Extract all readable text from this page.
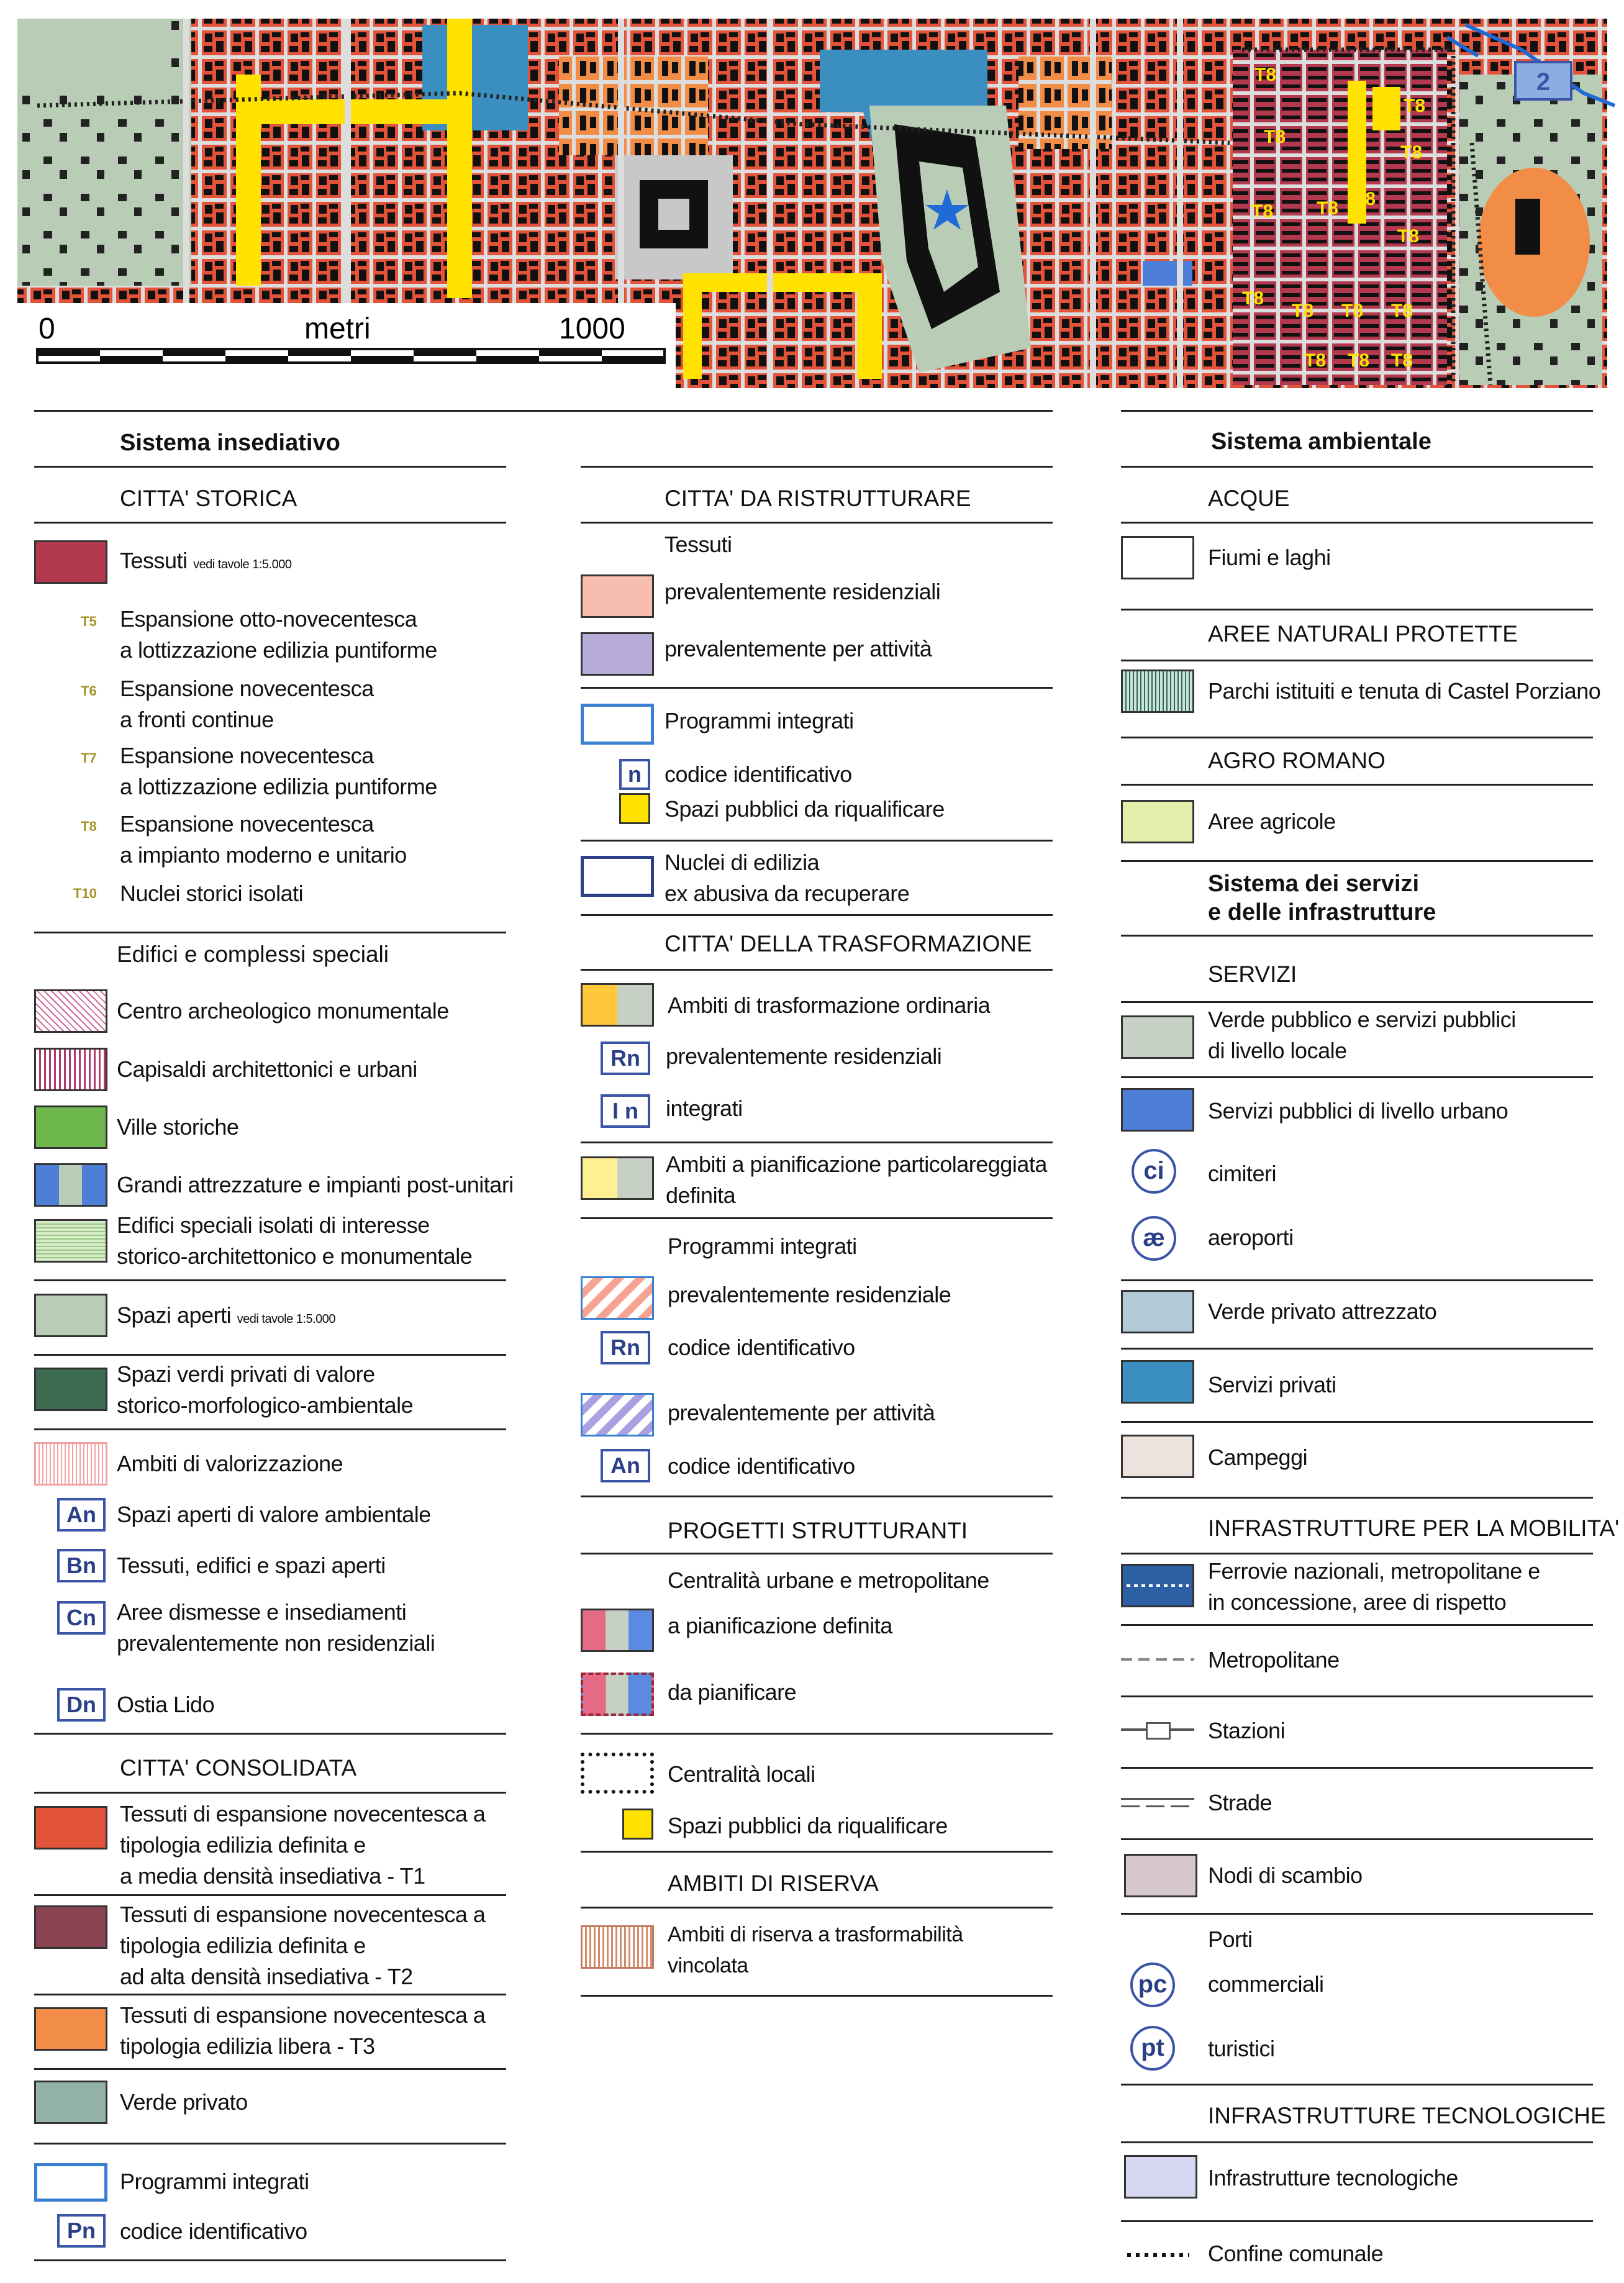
2
T8
T8
T8
T8
T8 T8 T8
T8
T8
T8 T8 T8
T8 T8 T8
0	metri	1000
Sistema insediativo
CITTA' STORICA
Tessuti vedi tavole 1:5.000
T5 Espansione otto-novecentesca
a lottizzazione edilizia puntiforme
T6 Espansione novecentesca
a fronti continue
T7 Espansione novecentesca
a lottizzazione edilizia puntiforme
T8 Espansione novecentesca
a impianto moderno e unitario
T10 Nuclei storici isolati
Edifici e complessi speciali
Centro archeologico monumentale
Capisaldi architettonici e urbani
Ville storiche
Grandi attrezzature e impianti post-unitari
Edifici speciali isolati di interesse
storico-architettonico e monumentale
Spazi aperti vedi tavole 1:5.000
Spazi verdi privati di valore
storico-morfologico-ambientale
Ambiti di valorizzazione
An Spazi aperti di valore ambientale
Bn Tessuti, edifici e spazi aperti
Cn Aree dismesse e insediamenti
prevalentemente non residenziali
Dn Ostia Lido
CITTA' CONSOLIDATA
Tessuti di espansione novecentesca a
tipologia edilizia definita e
a media densità insediativa - T1
Tessuti di espansione novecentesca a
tipologia edilizia definita e
ad alta densità insediativa - T2
Tessuti di espansione novecentesca a
tipologia edilizia libera - T3
Verde privato
Programmi integrati
Pn	codice identificativo
CITTA' DA RISTRUTTURARE
Tessuti
prevalentemente residenziali
prevalentemente per attività
Programmi integrati
n	codice identificativo
Spazi pubblici da riqualificare
Nuclei di edilizia
ex abusiva da recuperare
CITTA' DELLA TRASFORMAZIONE
Ambiti di trasformazione ordinaria
Rn	prevalentemente residenziali
I n	integrati
Ambiti a pianificazione particolareggiata
definita
Programmi integrati
prevalentemente residenziale
Rn	codice identificativo
prevalentemente per attività
An	codice identificativo
PROGETTI STRUTTURANTI
Centralità urbane e metropolitane
a pianificazione definita
da pianificare
Centralità locali
Spazi pubblici da riqualificare
AMBITI DI RISERVA
Ambiti di riserva a trasformabilità
vincolata
Sistema ambientale
ACQUE
Fiumi e laghi
AREE NATURALI PROTETTE
Parchi istituiti e tenuta di Castel Porziano
AGRO ROMANO
Aree agricole
Sistema dei servizi
e delle infrastrutture
SERVIZI
Verde pubblico e servizi pubblici
di livello locale
Servizi pubblici di livello urbano
ci	cimiteri
æ	aeroporti
Verde privato attrezzato
Servizi privati
Campeggi
INFRASTRUTTURE PER LA MOBILITA'
Ferrovie nazionali, metropolitane e
in concessione, aree di rispetto
Metropolitane
Stazioni
Strade
Nodi di scambio
Porti
pc	commerciali
pt	turistici
INFRASTRUTTURE TECNOLOGICHE
Infrastrutture tecnologiche
Confine comunale
